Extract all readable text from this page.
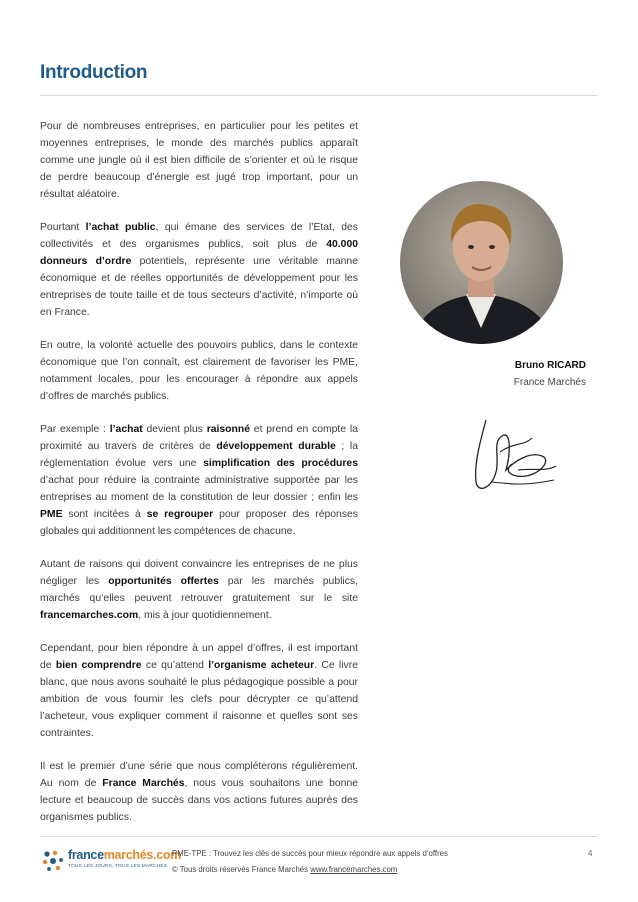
Introduction

Pour de nombreuses entreprises, en particulier pour les petites et moyennes entreprises, le monde des marchés publics apparaît comme une jungle où il est bien difficile de s’orienter et où le risque de perdre beaucoup d’énergie est jugé trop important, pour un résultat aléatoire.

Pourtant l’achat public, qui émane des services de l’Etat, des collectivités et des organismes publics, soit plus de 40.000 donneurs d’ordre potentiels, représente une véritable manne économique et de réelles opportunités de développement pour les entreprises de toute taille et de tous secteurs d’activité, n’importe où en France.

En outre, la volonté actuelle des pouvoirs publics, dans le contexte économique que l’on connaît, est clairement de favoriser les PME, notamment locales, pour les encourager à répondre aux appels d’offres de marchés publics.

Par exemple : l’achat devient plus raisonné et prend en compte la proximité au travers de critères de développement durable ; la réglementation évolue vers une simplification des procédures d’achat pour réduire la contrainte administrative supportée par les entreprises au moment de la constitution de leur dossier ; enfin les PME sont incitées à se regrouper pour proposer des réponses globales qui additionnent les compétences de chacune.

Autant de raisons qui doivent convaincre les entreprises de ne plus négliger les opportunités offertes par les marchés publics, marchés qu’elles peuvent retrouver gratuitement sur le site francemarches.com, mis à jour quotidiennement.

Cependant, pour bien répondre à un appel d’offres, il est important de bien comprendre ce qu’attend l’organisme acheteur. Ce livre blanc, que nous avons souhaité le plus pédagogique possible a pour ambition de vous fournir les clefs pour décrypter ce qu’attend l’acheteur, vous expliquer comment il raisonne et quelles sont ses contraintes.

Il est le premier d’une série que nous compléterons régulièrement. Au nom de France Marchés, nous vous souhaitons une bonne lecture et beaucoup de succès dans vos actions futures auprès des organismes publics.

Bruno RICARD
France Marchés
francemarchés.com
TOUS LES JOURS, TOUS LES MARCHÉS
PME-TPE : Trouvez les clés de succès pour mieux répondre aux appels d’offres
© Tous droits réservés France Marchés www.francemarches.com
4
